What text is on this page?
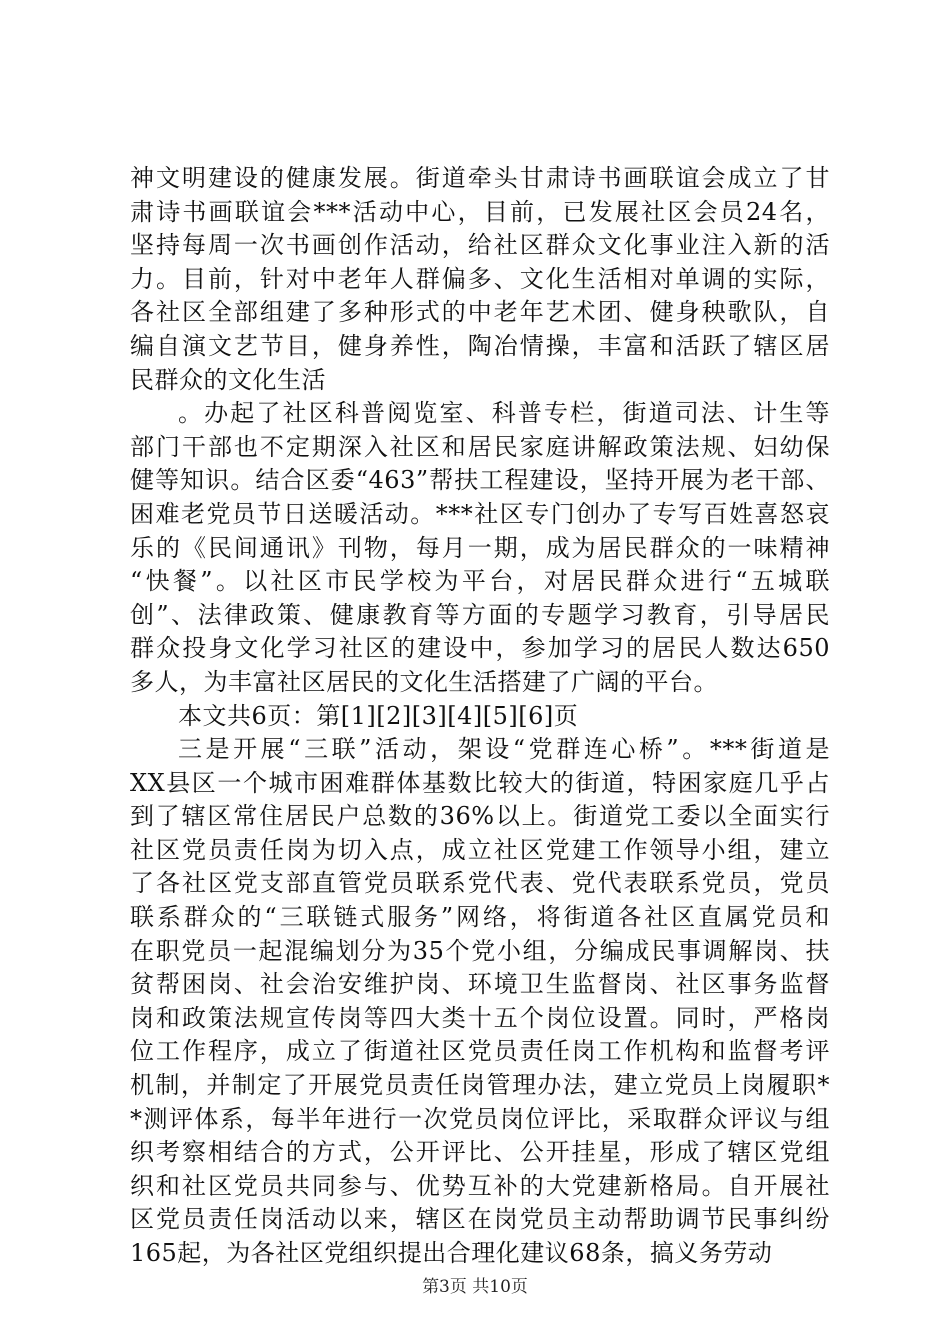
神文明建设的健康发展。街道牵头甘肃诗书画联谊会成立了甘
肃诗书画联谊会***活动中心，目前，已发展社区会员24名，
坚持每周一次书画创作活动，给社区群众文化事业注入新的活
力。目前，针对中老年人群偏多、文化生活相对单调的实际，
各社区全部组建了多种形式的中老年艺术团、健身秧歌队，自
编自演文艺节目，健身养性，陶冶情操，丰富和活跃了辖区居
民群众的文化生活
。办起了社区科普阅览室、科普专栏，街道司法、计生等
部门干部也不定期深入社区和居民家庭讲解政策法规、妇幼保
健等知识。结合区委“463”帮扶工程建设，坚持开展为老干部、
困难老党员节日送暖活动。***社区专门创办了专写百姓喜怒哀
乐的《民间通讯》刊物，每月一期，成为居民群众的一味精神
“快餐”。以社区市民学校为平台，对居民群众进行“五城联
创”、法律政策、健康教育等方面的专题学习教育，引导居民
群众投身文化学习社区的建设中，参加学习的居民人数达650
多人，为丰富社区居民的文化生活搭建了广阔的平台。
本文共6页：第[1][2][3][4][5][6]页
三是开展“三联”活动，架设“党群连心桥”。***街道是
XX县区一个城市困难群体基数比较大的街道，特困家庭几乎占
到了辖区常住居民户总数的36%以上。街道党工委以全面实行
社区党员责任岗为切入点，成立社区党建工作领导小组，建立
了各社区党支部直管党员联系党代表、党代表联系党员，党员
联系群众的“三联链式服务”网络，将街道各社区直属党员和
在职党员一起混编划分为35个党小组，分编成民事调解岗、扶
贫帮困岗、社会治安维护岗、环境卫生监督岗、社区事务监督
岗和政策法规宣传岗等四大类十五个岗位设置。同时，严格岗
位工作程序，成立了街道社区党员责任岗工作机构和监督考评
机制，并制定了开展党员责任岗管理办法，建立党员上岗履职*
*测评体系，每半年进行一次党员岗位评比，采取群众评议与组
织考察相结合的方式，公开评比、公开挂星，形成了辖区党组
织和社区党员共同参与、优势互补的大党建新格局。自开展社
区党员责任岗活动以来，辖区在岗党员主动帮助调节民事纠纷
165起，为各社区党组织提出合理化建议68条，搞义务劳动
第3页 共10页
